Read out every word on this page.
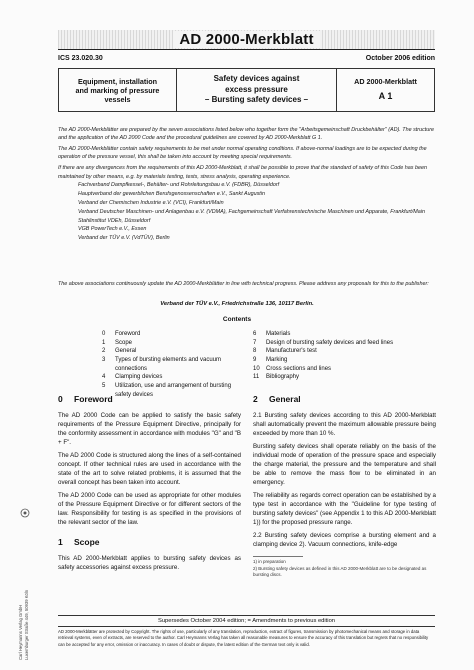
AD 2000-Merkblatt
ICS 23.020.30	October 2006 edition
Equipment, installation
and marking of pressure
vessels
Safety devices against
excess pressure
– Bursting safety devices –
AD 2000-Merkblatt
A 1

The AD 2000-Merkblätter are prepared by the seven associations listed below who together form the "Arbeitsgemeinschaft Druckbehälter" (AD). The structure and the application of the AD 2000 Code and the procedural guidelines are covered by AD 2000-Merkblatt G 1.

The AD 2000-Merkblätter contain safety requirements to be met under normal operating conditions. If above-normal loadings are to be expected during the operation of the pressure vessel, this shall be taken into account by meeting special requirements.

If there are any divergences from the requirements of this AD 2000-Merkblatt, it shall be possible to prove that the standard of safety of this Code has been maintained by other means, e.g. by materials testing, tests, stress analysis, operating experience.

Fachverband Dampfkessel-, Behälter- und Rohrleitungsbau e.V. (FDBR), Düsseldorf
Hauptverband der gewerblichen Berufsgenossenschaften e.V., Sankt Augustin
Verband der Chemischen Industrie e.V. (VCI), Frankfurt/Main
Verband Deutscher Maschinen- und Anlagenbau e.V. (VDMA), Fachgemeinschaft Verfahrenstechnische Maschinen und Apparate, Frankfurt/Main
Stahlinstitut VDEh, Düsseldorf
VGB PowerTech e.V., Essen
Verband der TÜV e.V. (VdTÜV), Berlin
The above associations continuously update the AD 2000-Merkblätter in line with technical progress. Please address any proposals for this to the publisher:
Verband der TÜV e.V., Friedrichstraße 136, 10117 Berlin.
Contents
0	Foreword
1	Scope
2	General
3	Types of bursting elements and vacuum connections
4	Clamping devices
5	Utilization, use and arrangement of bursting safety devices
6	Materials
7	Design of bursting safety devices and feed lines
8	Manufacturer's test
9	Marking
10	Cross sections and lines
11	Bibliography
0 Foreword

The AD 2000 Code can be applied to satisfy the basic safety requirements of the Pressure Equipment Directive, principally for the conformity assessment in accordance with modules "G" and "B + F".

The AD 2000 Code is structured along the lines of a self-contained concept. If other technical rules are used in accordance with the state of the art to solve related problems, it is assumed that the overall concept has been taken into account.

The AD 2000 Code can be used as appropriate for other modules of the Pressure Equipment Directive or for different sectors of the law. Responsibility for testing is as specified in the provisions of the relevant sector of the law.

1 Scope

This AD 2000-Merkblatt applies to bursting safety devices as safety accessories against excess pressure.

2 General

2.1 Bursting safety devices according to this AD 2000-Merkblatt shall automatically prevent the maximum allowable pressure being exceeded by more than 10 %.

Bursting safety devices shall operate reliably on the basis of the individual mode of operation of the pressure space and especially the charge material, the pressure and the temperature and shall be able to remove the mass flow to be eliminated in an emergency.

The reliability as regards correct operation can be established by a type test in accordance with the "Guideline for type testing of bursting safety devices" (see Appendix 1 to this AD 2000-Merkblatt 1)) for the proposed pressure range.

2.2 Bursting safety devices comprise a bursting element and a clamping device 2). Vacuum connections, knife-edge

1) in preparation
2) Bursting safety devices as defined in this AD 2000-Merkblatt are to be designated as bursting discs.
Supersedes October 2004 edition; = Amendments to previous edition
AD 2000-Merkblätter are protected by Copyright. The rights of use, particularly of any translation, reproduction, extract of figures, transmission by photomechanical means and storage in data retrieval systems, even of extracts, are reserved to the author. Carl Heymanns Verlag has taken all reasonable measures to ensure the accuracy of this translation but regrets that no responsibility can be accepted for any error, omission or inaccuracy. In cases of doubt or dispute, the latest edition of the German text only is valid.
Carl Heymanns Verlag GmbH Luxemburger Straße 449, 50939 Köln
